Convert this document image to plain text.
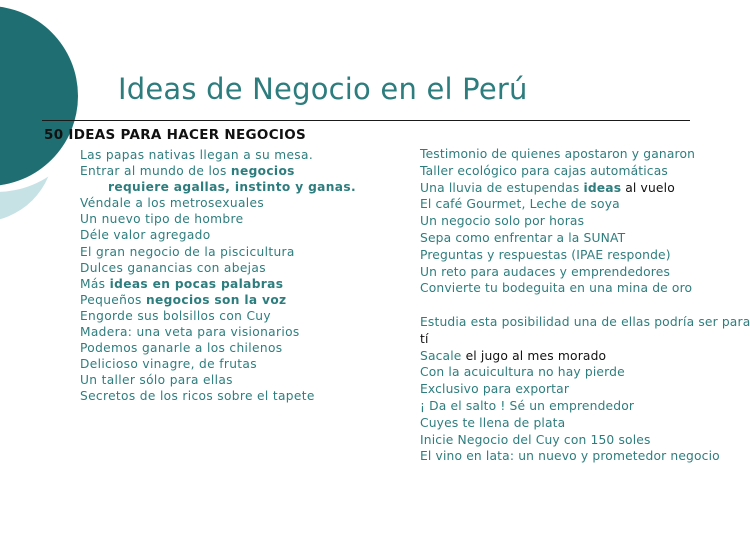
Ideas de Negocio en el Perú
50 IDEAS PARA HACER NEGOCIOS
Las papas nativas llegan a su mesa.
Entrar al mundo de los negocios
requiere agallas, instinto y ganas.
Véndale a los metrosexuales
Un nuevo tipo de hombre
Déle valor agregado
El gran negocio de la piscicultura
Dulces ganancias con abejas
Más ideas en pocas palabras
Pequeños negocios son la voz
Engorde sus bolsillos con Cuy
Madera: una veta para visionarios
Podemos ganarle a los chilenos
Delicioso vinagre, de frutas
Un taller sólo para ellas
Secretos de los ricos sobre el tapete
Testimonio de quienes apostaron y ganaron
Taller ecológico para cajas automáticas
Una lluvia de estupendas ideas al vuelo
El café Gourmet, Leche de soya
Un negocio solo por horas
Sepa como enfrentar a la SUNAT
Preguntas y respuestas (IPAE responde)
Un reto para audaces y emprendedores
Convierte tu bodeguita en una mina de oro
Estudia esta posibilidad una de ellas podría ser para
tí
Sacale el jugo al mes morado
Con la acuicultura no hay pierde
Exclusivo para exportar
¡ Da el salto ! Sé un emprendedor
Cuyes te llena de plata
Inicie Negocio del Cuy con 150 soles
El vino en lata: un nuevo y prometedor negocio
